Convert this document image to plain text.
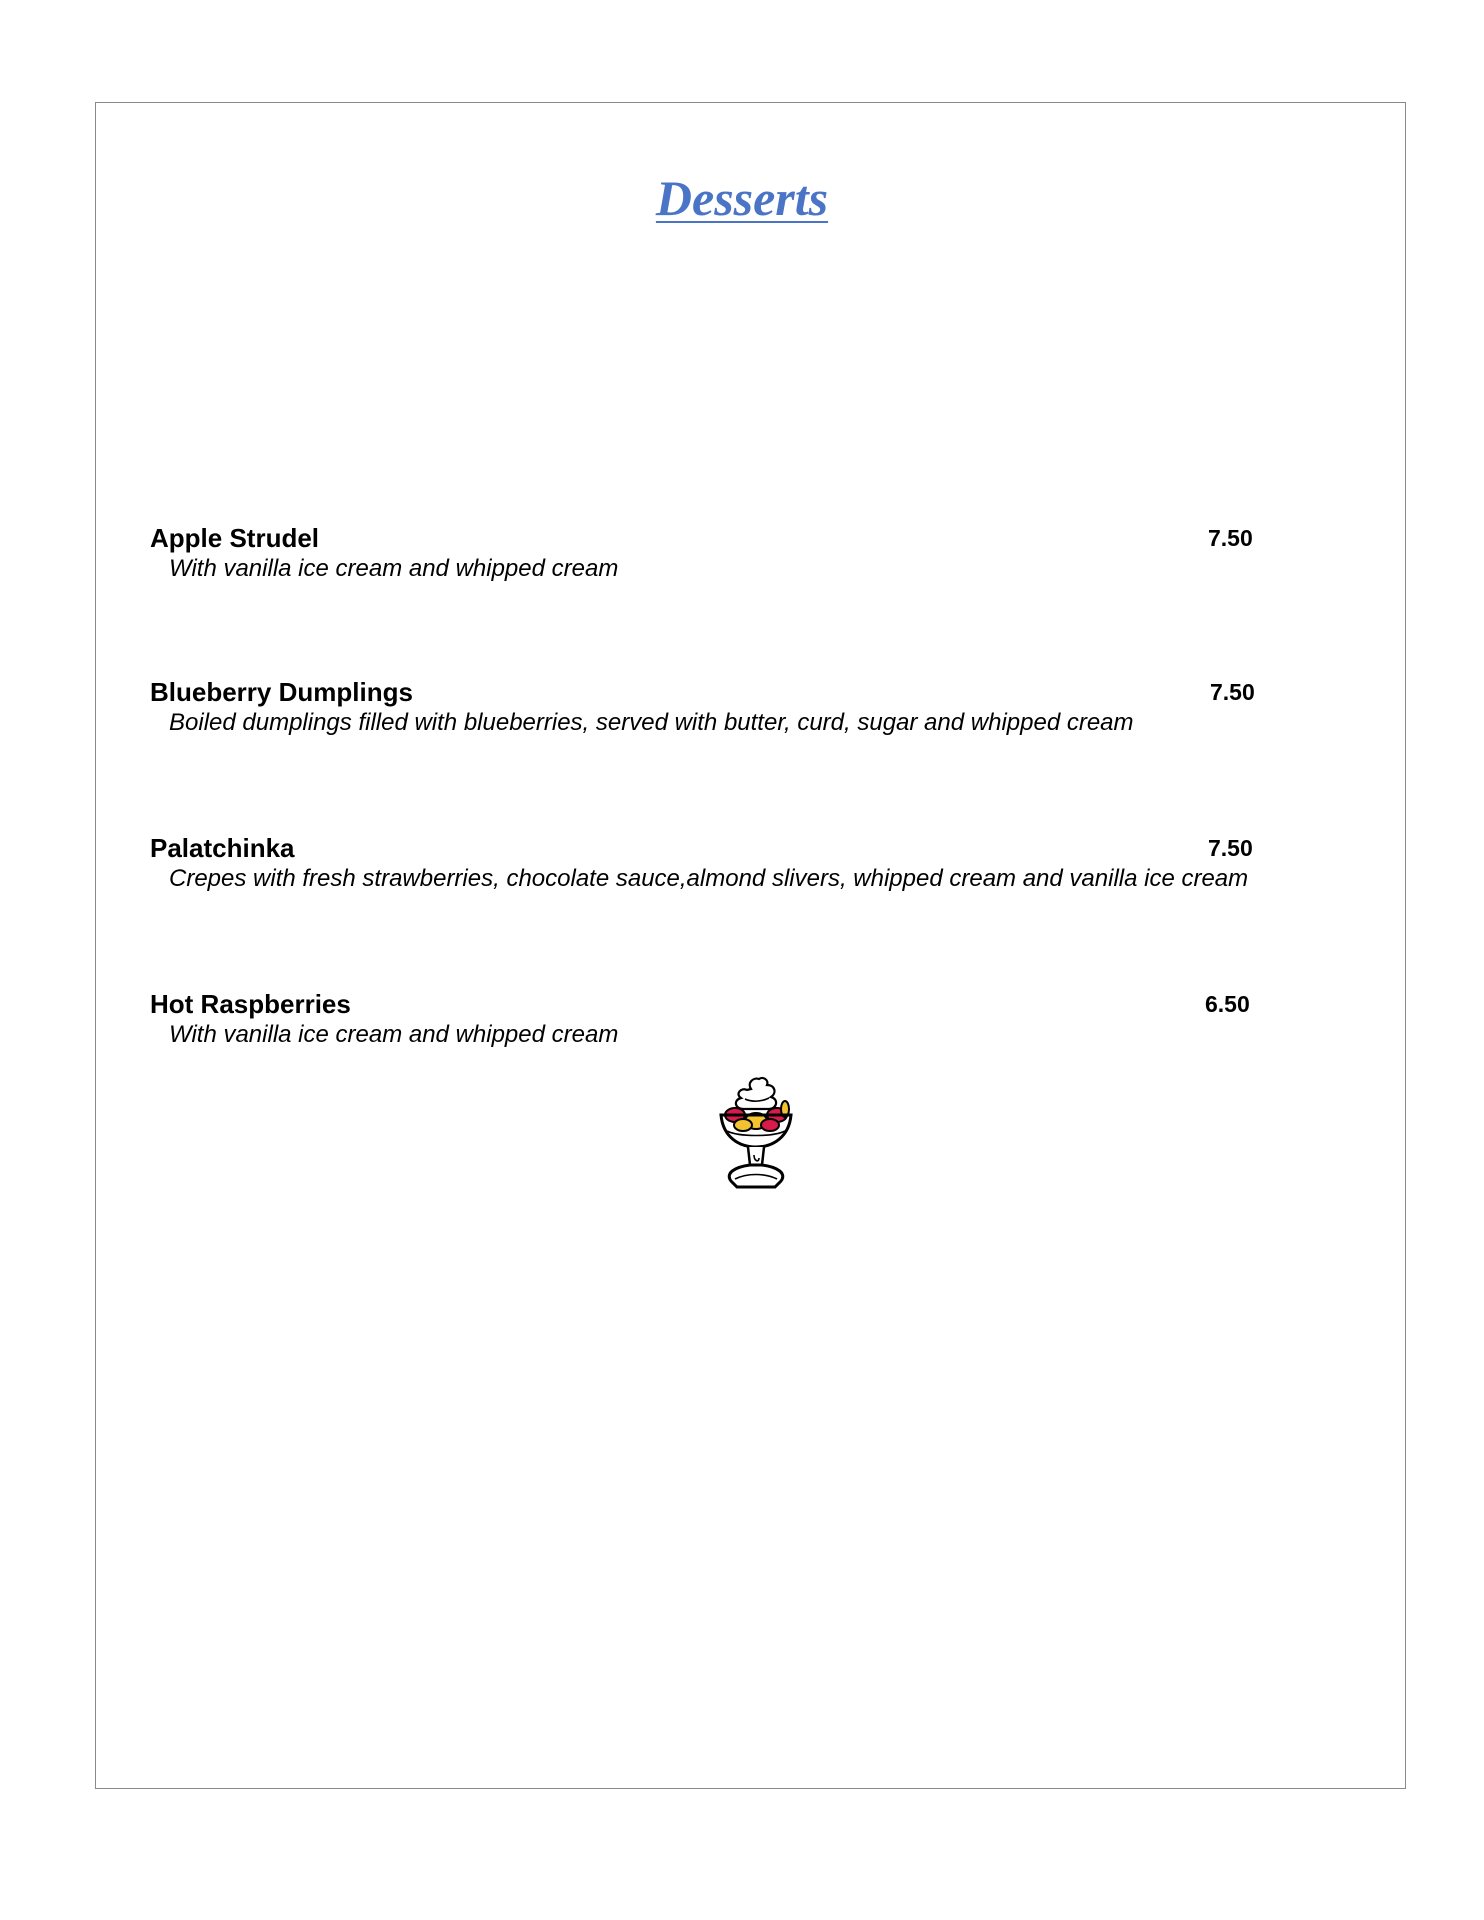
Desserts
Apple Strudel	7.50
With vanilla ice cream and whipped cream
Blueberry Dumplings	7.50
Boiled dumplings filled with blueberries, served with butter, curd, sugar and whipped cream
Palatchinka	7.50
Crepes with fresh strawberries, chocolate sauce,almond slivers, whipped cream and vanilla ice cream
Hot Raspberries	6.50
With vanilla ice cream and whipped cream
